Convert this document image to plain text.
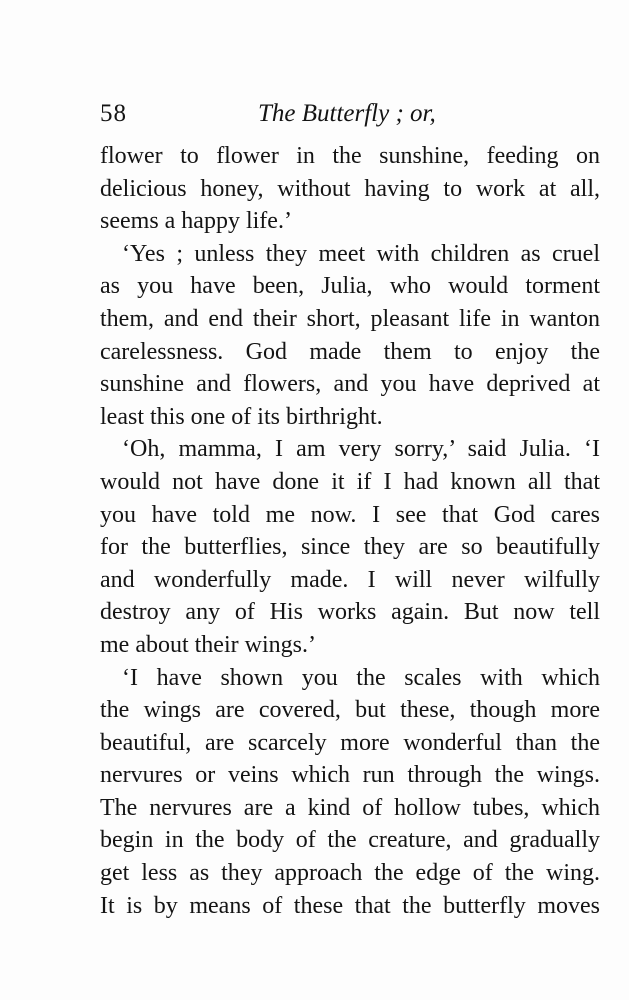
58	The Butterfly ; or,
flower to flower in the sunshine, feeding on
delicious honey, without having to work at all,
seems a happy life.’
‘Yes ; unless they meet with children as cruel
as you have been, Julia, who would torment
them, and end their short, pleasant life in wanton
carelessness. God made them to enjoy the
sunshine and flowers, and you have deprived at
least this one of its birthright.
‘Oh, mamma, I am very sorry,’ said Julia. ‘I
would not have done it if I had known all that
you have told me now. I see that God cares
for the butterflies, since they are so beautifully
and wonderfully made. I will never wilfully
destroy any of His works again. But now tell
me about their wings.’
‘I have shown you the scales with which
the wings are covered, but these, though more
beautiful, are scarcely more wonderful than the
nervures or veins which run through the wings.
The nervures are a kind of hollow tubes, which
begin in the body of the creature, and gradually
get less as they approach the edge of the wing.
It is by means of these that the butterfly moves
